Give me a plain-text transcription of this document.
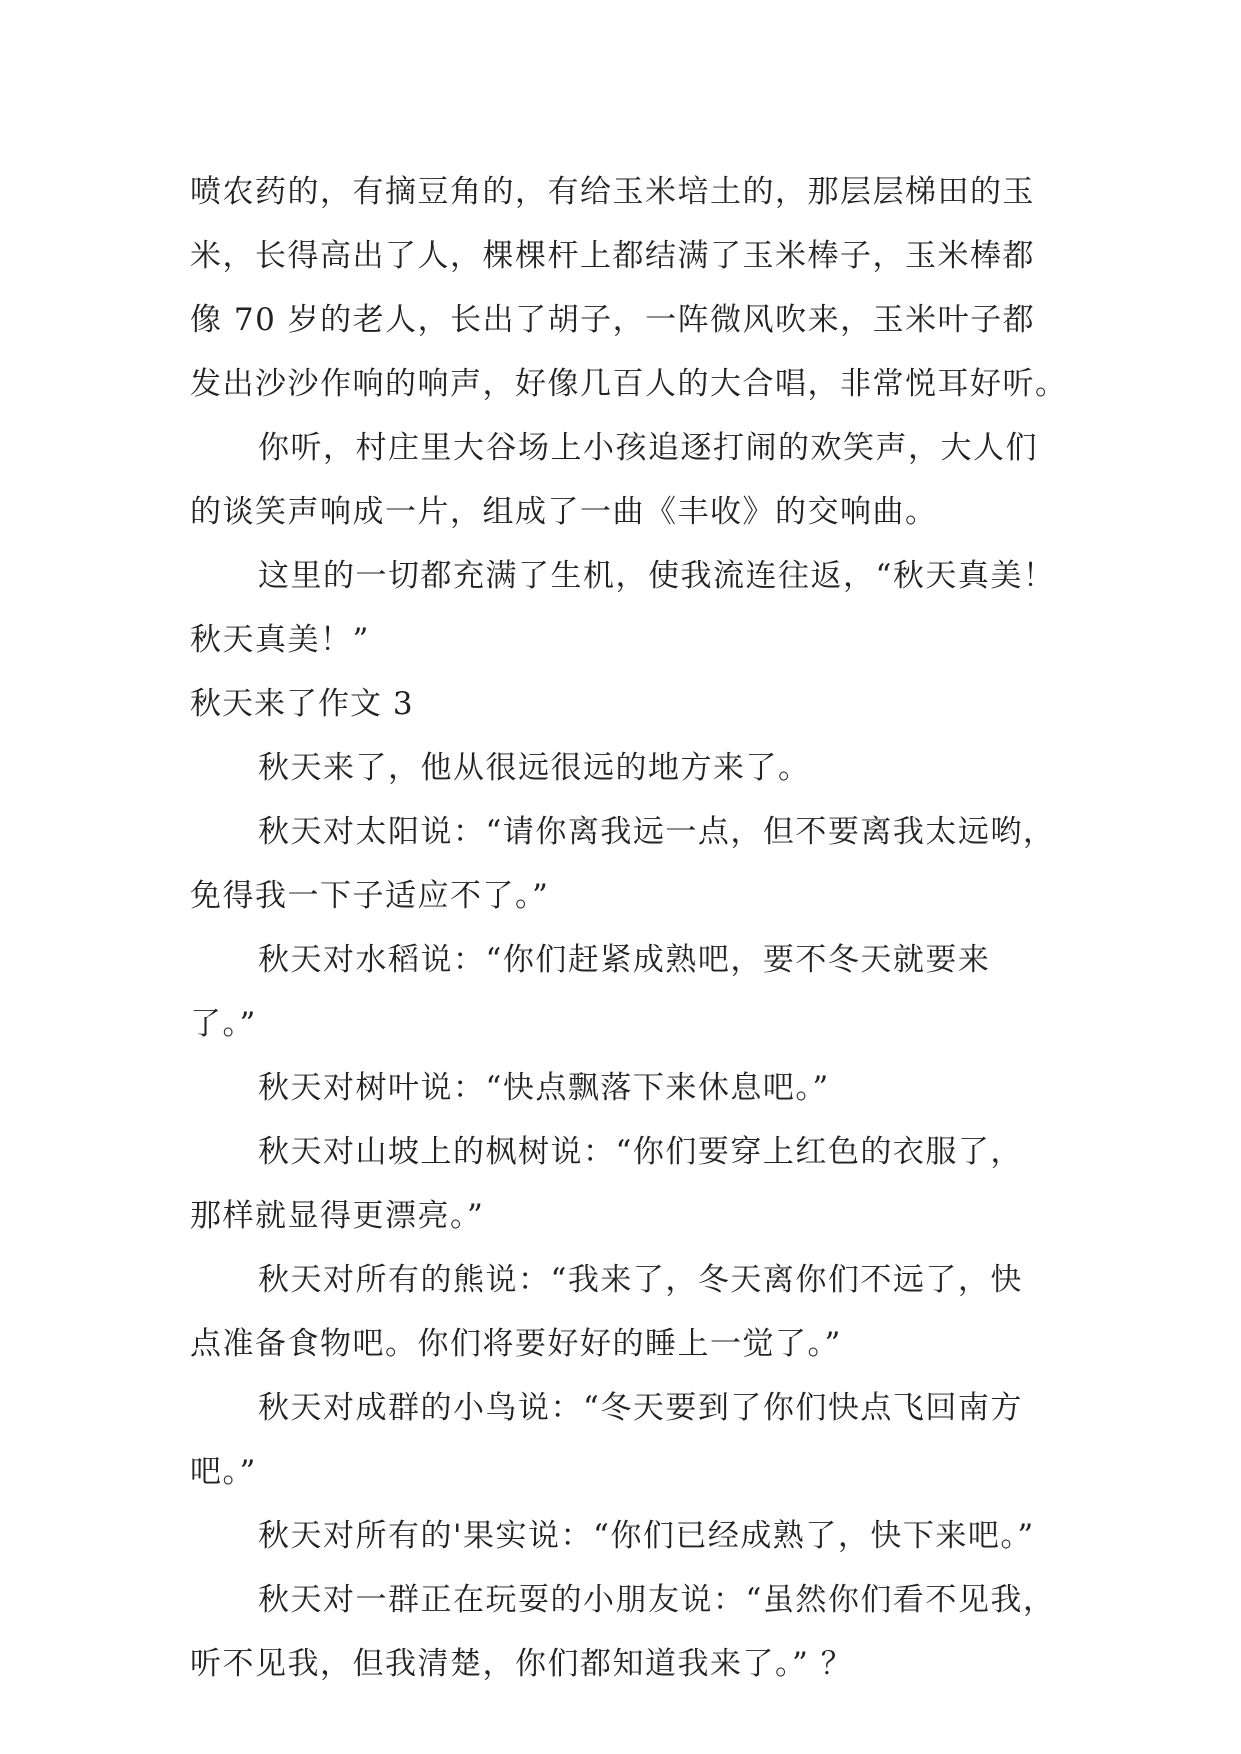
喷农药的，有摘豆角的，有给玉米培土的，那层层梯田的玉
米，长得高出了人，棵棵杆上都结满了玉米棒子，玉米棒都
像 70 岁的老人，长出了胡子，一阵微风吹来，玉米叶子都
发出沙沙作响的响声，好像几百人的大合唱，非常悦耳好听。
你听，村庄里大谷场上小孩追逐打闹的欢笑声，大人们
的谈笑声响成一片，组成了一曲《丰收》的交响曲。
这里的一切都充满了生机，使我流连往返，“秋天真美！
秋天真美！”
秋天来了作文 3
秋天来了，他从很远很远的地方来了。
秋天对太阳说：“请你离我远一点，但不要离我太远哟，
免得我一下子适应不了。”
秋天对水稻说：“你们赶紧成熟吧，要不冬天就要来
了。”
秋天对树叶说：“快点飘落下来休息吧。”
秋天对山坡上的枫树说：“你们要穿上红色的衣服了，
那样就显得更漂亮。”
秋天对所有的熊说：“我来了，冬天离你们不远了，快
点准备食物吧。你们将要好好的睡上一觉了。”
秋天对成群的小鸟说：“冬天要到了你们快点飞回南方
吧。”
秋天对所有的'果实说：“你们已经成熟了，快下来吧。”
秋天对一群正在玩耍的小朋友说：“虽然你们看不见我，
听不见我，但我清楚，你们都知道我来了。” ？
